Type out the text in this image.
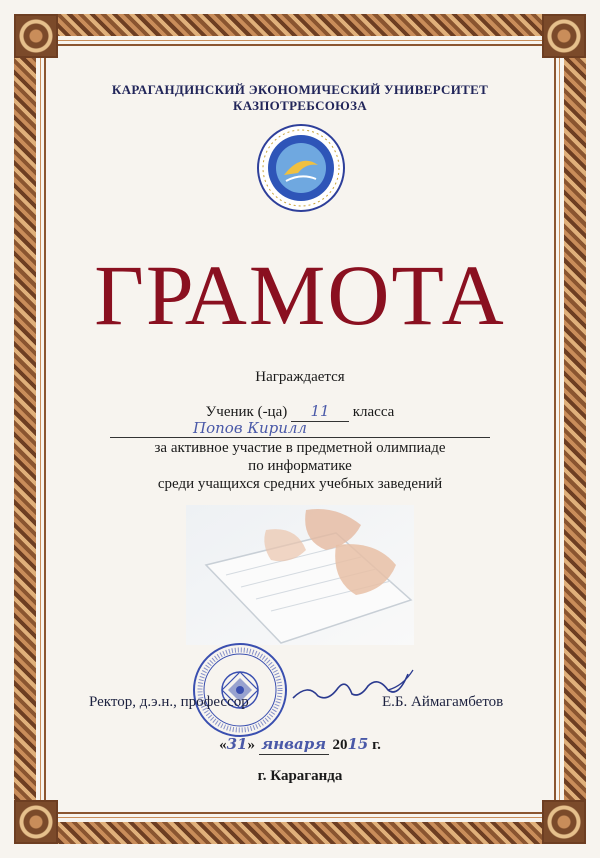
КАРАГАНДИНСКИЙ ЭКОНОМИЧЕСКИЙ УНИВЕРСИТЕТ
КАЗПОТРЕБСОЮЗА
ГРАМОТА
Награждается
Ученик (-ца) 11 класса
Попов Кирилл
за активное участие в предметной олимпиаде
по информатике
среди учащихся средних учебных заведений
Ректор, д.э.н., профессор	Е.Б. Аймагамбетов
«31» января 2015 г.
г. Караганда
